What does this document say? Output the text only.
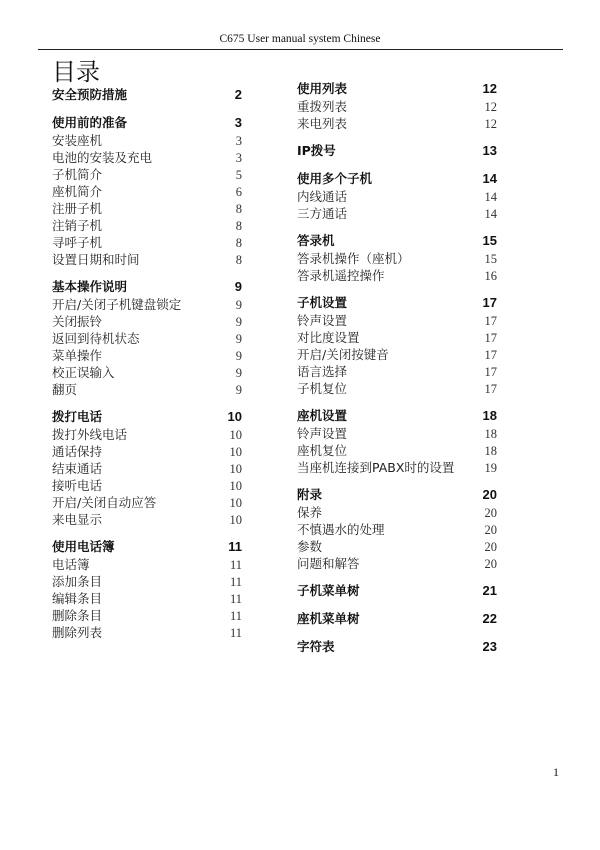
C675 User manual system Chinese
目录
安全预防措施	2
使用前的准备	3
安装座机	3
电池的安装及充电	3
子机简介	5
座机简介	6
注册子机	8
注销子机	8
寻呼子机	8
设置日期和时间	8
基本操作说明	9
开启/关闭子机键盘锁定	9
关闭振铃	9
返回到待机状态	9
菜单操作	9
校正误输入	9
翻页	9
拨打电话	10
拨打外线电话	10
通话保持	10
结束通话	10
接听电话	10
开启/关闭自动应答	10
来电显示	10
使用电话簿	11
电话簿	11
添加条目	11
编辑条目	11
删除条目	11
删除列表	11
使用列表	12
重拨列表	12
来电列表	12
IP拨号	13
使用多个子机	14
内线通话	14
三方通话	14
答录机	15
答录机操作（座机）	15
答录机遥控操作	16
子机设置	17
铃声设置	17
对比度设置	17
开启/关闭按键音	17
语言选择	17
子机复位	17
座机设置	18
铃声设置	18
座机复位	18
当座机连接到PABX时的设置	19
附录	20
保养	20
不慎遇水的处理	20
参数	20
问题和解答	20
子机菜单树	21
座机菜单树	22
字符表	23
1
